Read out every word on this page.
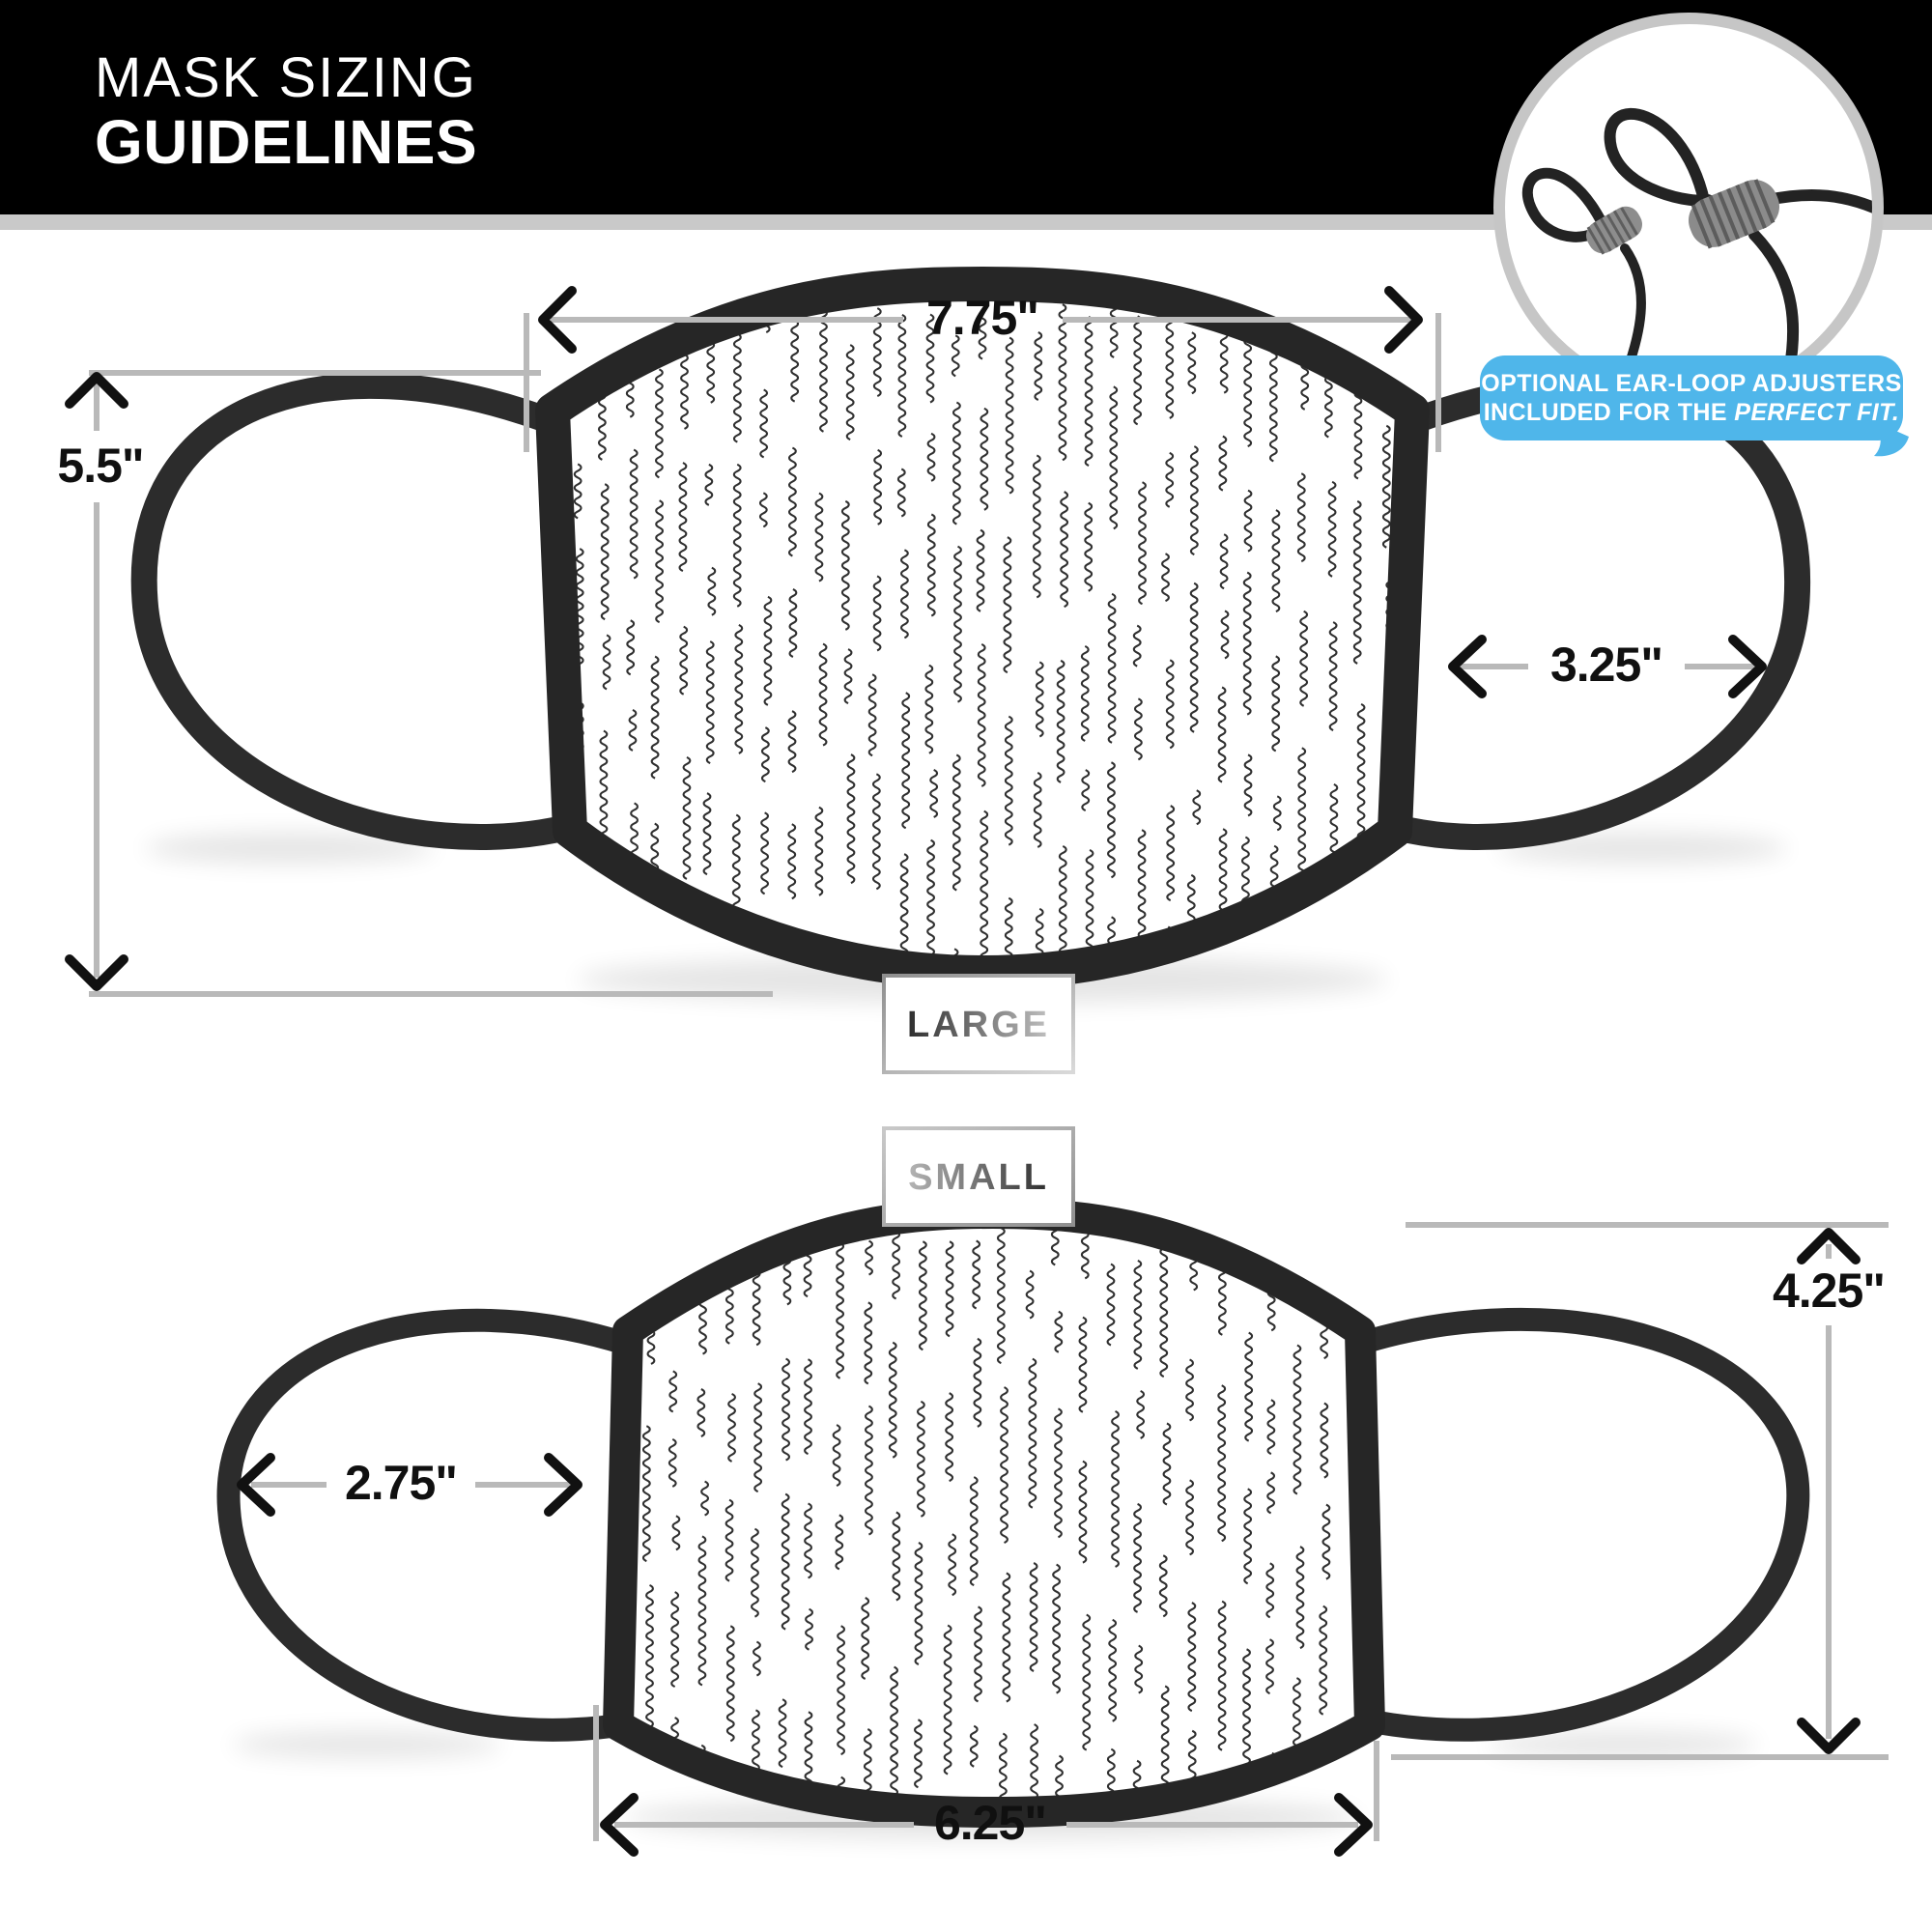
MASK SIZING
GUIDELINES
7.75"
5.5"
3.25"
2.75"
4.25"
6.25"
LARGE
SMALL
OPTIONAL EAR-LOOP ADJUSTERS
INCLUDED FOR THE PERFECT FIT.
